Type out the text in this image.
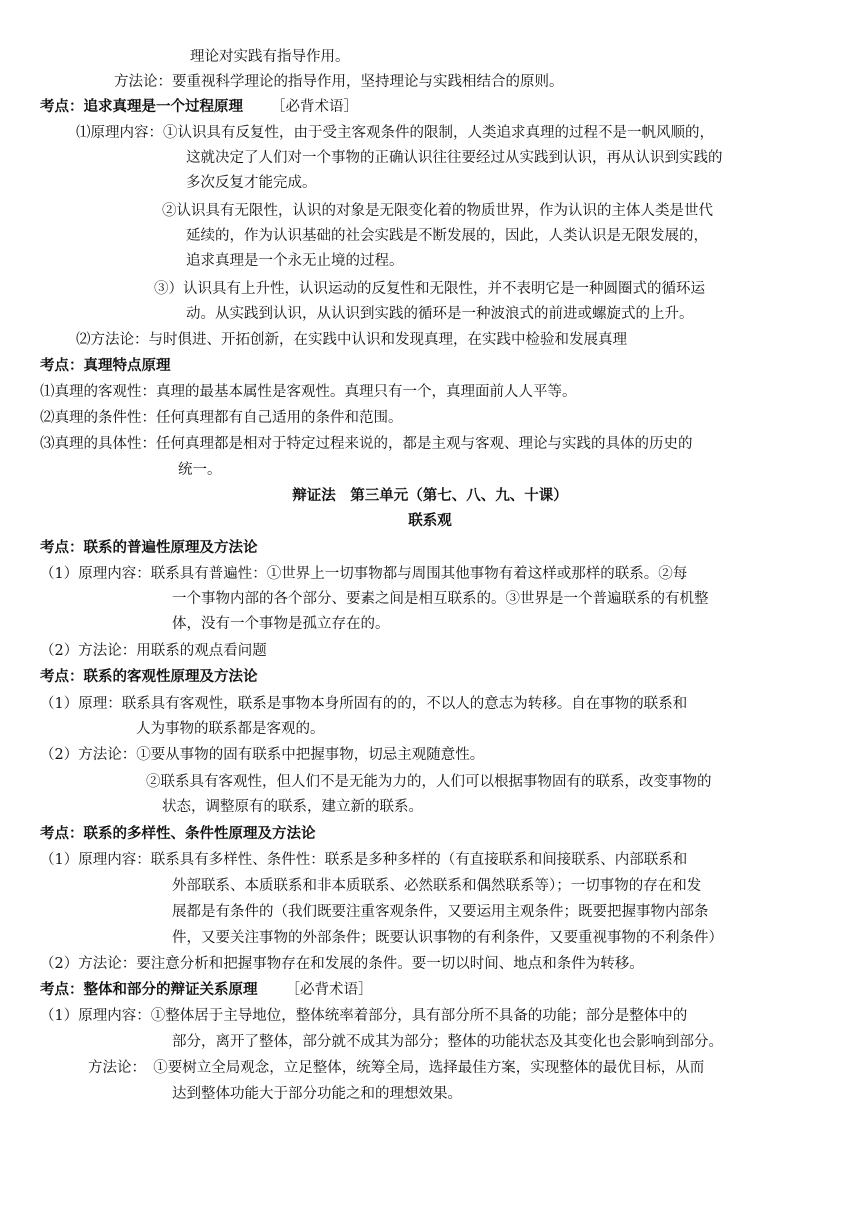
理论对实践有指导作用。
方法论：要重视科学理论的指导作用，坚持理论与实践相结合的原则。
考点：追求真理是一个过程原理 ［必背术语］
⑴原理内容：①认识具有反复性，由于受主客观条件的限制，人类追求真理的过程不是一帆风顺的，
这就决定了人们对一个事物的正确认识往往要经过从实践到认识，再从认识到实践的
多次反复才能完成。
②认识具有无限性，认识的对象是无限变化着的物质世界，作为认识的主体人类是世代
延续的，作为认识基础的社会实践是不断发展的，因此，人类认识是无限发展的，
追求真理是一个永无止境的过程。
③）认识具有上升性，认识运动的反复性和无限性，并不表明它是一种圆圈式的循环运
动。从实践到认识，从认识到实践的循环是一种波浪式的前进或螺旋式的上升。
⑵方法论：与时俱进、开拓创新，在实践中认识和发现真理，在实践中检验和发展真理
考点：真理特点原理
⑴真理的客观性：真理的最基本属性是客观性。真理只有一个，真理面前人人平等。
⑵真理的条件性：任何真理都有自己适用的条件和范围。
⑶真理的具体性：任何真理都是相对于特定过程来说的，都是主观与客观、理论与实践的具体的历史的
统一。
辩证法　第三单元（第七、八、九、十课）
联系观
考点：联系的普遍性原理及方法论
（1）原理内容：联系具有普遍性：①世界上一切事物都与周围其他事物有着这样或那样的联系。②每
一个事物内部的各个部分、要素之间是相互联系的。③世界是一个普遍联系的有机整
体，没有一个事物是孤立存在的。
（2）方法论：用联系的观点看问题
考点：联系的客观性原理及方法论
（1）原理：联系具有客观性，联系是事物本身所固有的的，不以人的意志为转移。自在事物的联系和
人为事物的联系都是客观的。
（2）方法论：①要从事物的固有联系中把握事物，切忌主观随意性。
②联系具有客观性，但人们不是无能为力的，人们可以根据事物固有的联系，改变事物的
状态，调整原有的联系，建立新的联系。
考点：联系的多样性、条件性原理及方法论
（1）原理内容：联系具有多样性、条件性：联系是多种多样的（有直接联系和间接联系、内部联系和
外部联系、本质联系和非本质联系、必然联系和偶然联系等）；一切事物的存在和发
展都是有条件的（我们既要注重客观条件，又要运用主观条件；既要把握事物内部条
件，又要关注事物的外部条件；既要认识事物的有利条件，又要重视事物的不利条件）
（2）方法论：要注意分析和把握事物存在和发展的条件。要一切以时间、地点和条件为转移。
考点：整体和部分的辩证关系原理 ［必背术语］
（1）原理内容：①整体居于主导地位，整体统率着部分，具有部分所不具备的功能；部分是整体中的
部分，离开了整体，部分就不成其为部分；整体的功能状态及其变化也会影响到部分。
方法论：　①要树立全局观念，立足整体，统筹全局，选择最佳方案，实现整体的最优目标，从而
达到整体功能大于部分功能之和的理想效果。
